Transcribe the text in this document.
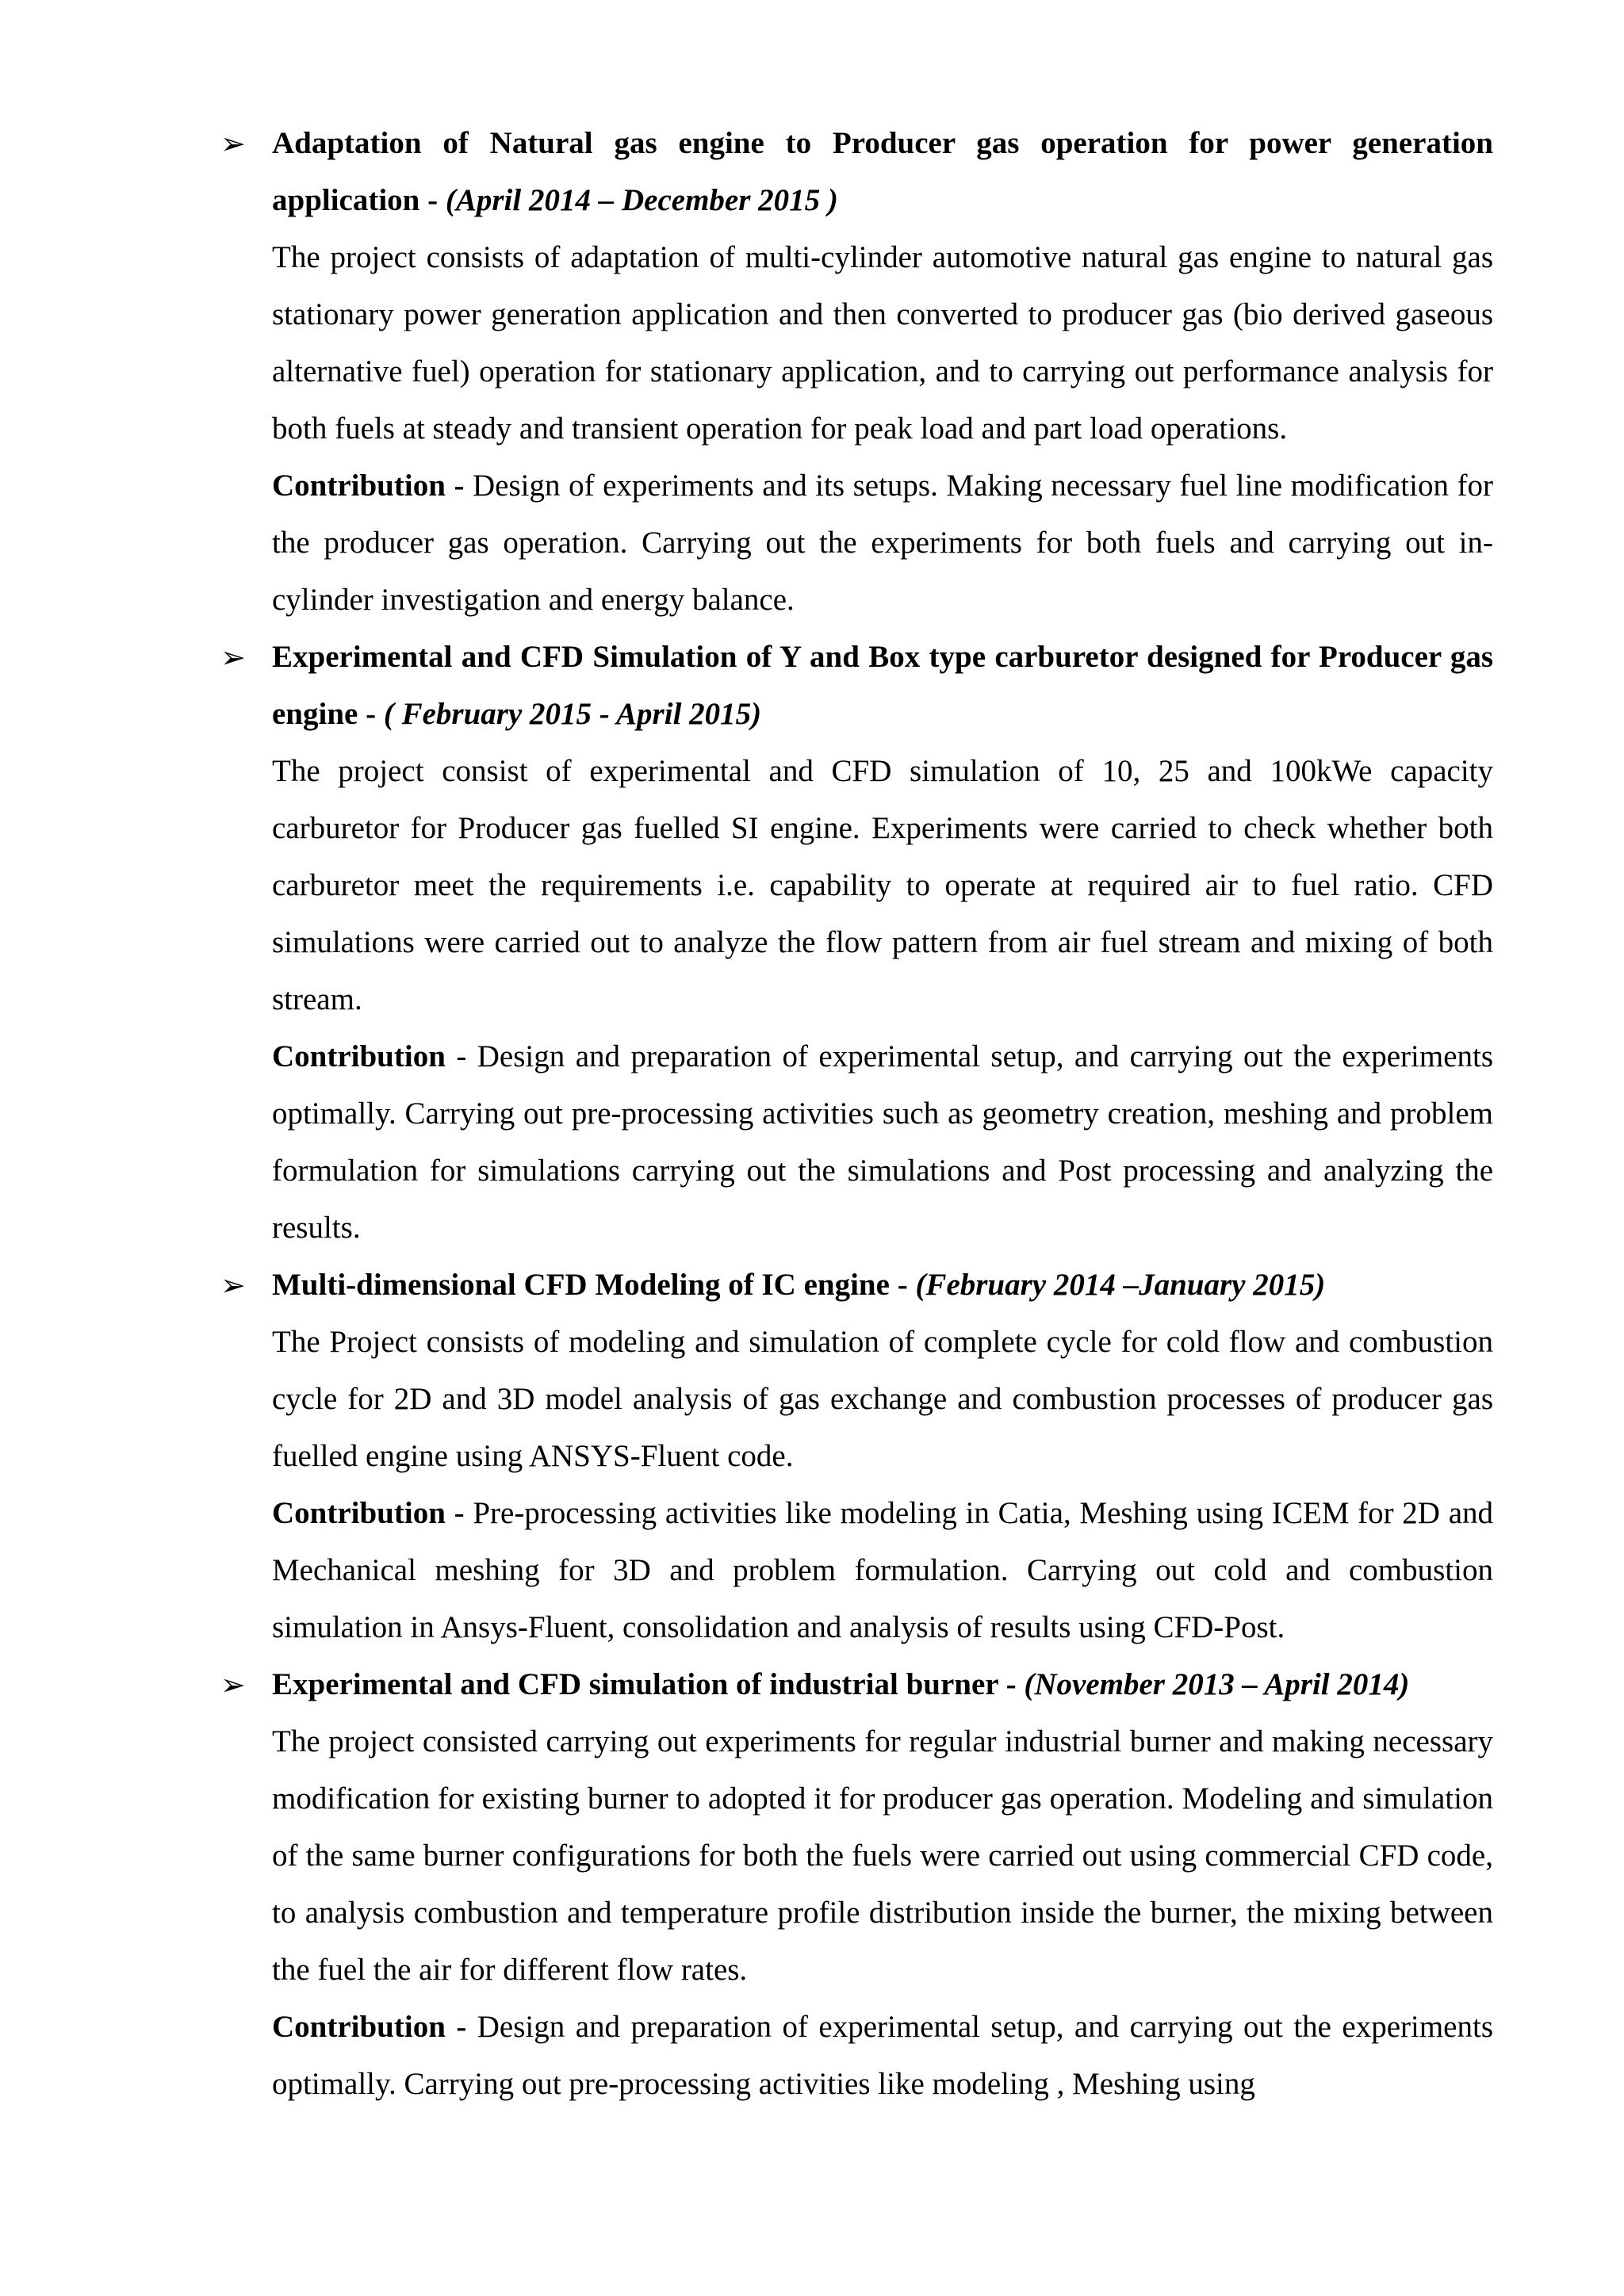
➢ Adaptation of Natural gas engine to Producer gas operation for power generation application - (April 2014 – December 2015 )

The project consists of adaptation of multi-cylinder automotive natural gas engine to natural gas stationary power generation application and then converted to producer gas (bio derived gaseous alternative fuel) operation for stationary application, and to carrying out performance analysis for both fuels at steady and transient operation for peak load and part load operations.

Contribution - Design of experiments and its setups. Making necessary fuel line modification for the producer gas operation. Carrying out the experiments for both fuels and carrying out in-cylinder investigation and energy balance.

➢ Experimental and CFD Simulation of Y and Box type carburetor designed for Producer gas engine - ( February 2015 - April 2015)

The project consist of experimental and CFD simulation of 10, 25 and 100kWe capacity carburetor for Producer gas fuelled SI engine. Experiments were carried to check whether both carburetor meet the requirements i.e. capability to operate at required air to fuel ratio. CFD simulations were carried out to analyze the flow pattern from air fuel stream and mixing of both stream.

Contribution - Design and preparation of experimental setup, and carrying out the experiments optimally. Carrying out pre-processing activities such as geometry creation, meshing and problem formulation for simulations carrying out the simulations and Post processing and analyzing the results.

➢ Multi-dimensional CFD Modeling of IC engine - (February 2014 –January 2015)

The Project consists of modeling and simulation of complete cycle for cold flow and combustion cycle for 2D and 3D model analysis of gas exchange and combustion processes of producer gas fuelled engine using ANSYS-Fluent code.

Contribution - Pre-processing activities like modeling in Catia, Meshing using ICEM for 2D and Mechanical meshing for 3D and problem formulation. Carrying out cold and combustion simulation in Ansys-Fluent, consolidation and analysis of results using CFD-Post.

➢ Experimental and CFD simulation of industrial burner - (November 2013 – April 2014)

The project consisted carrying out experiments for regular industrial burner and making necessary modification for existing burner to adopted it for producer gas operation. Modeling and simulation of the same burner configurations for both the fuels were carried out using commercial CFD code, to analysis combustion and temperature profile distribution inside the burner, the mixing between the fuel the air for different flow rates.

Contribution - Design and preparation of experimental setup, and carrying out the experiments optimally. Carrying out pre-processing activities like modeling , Meshing using
